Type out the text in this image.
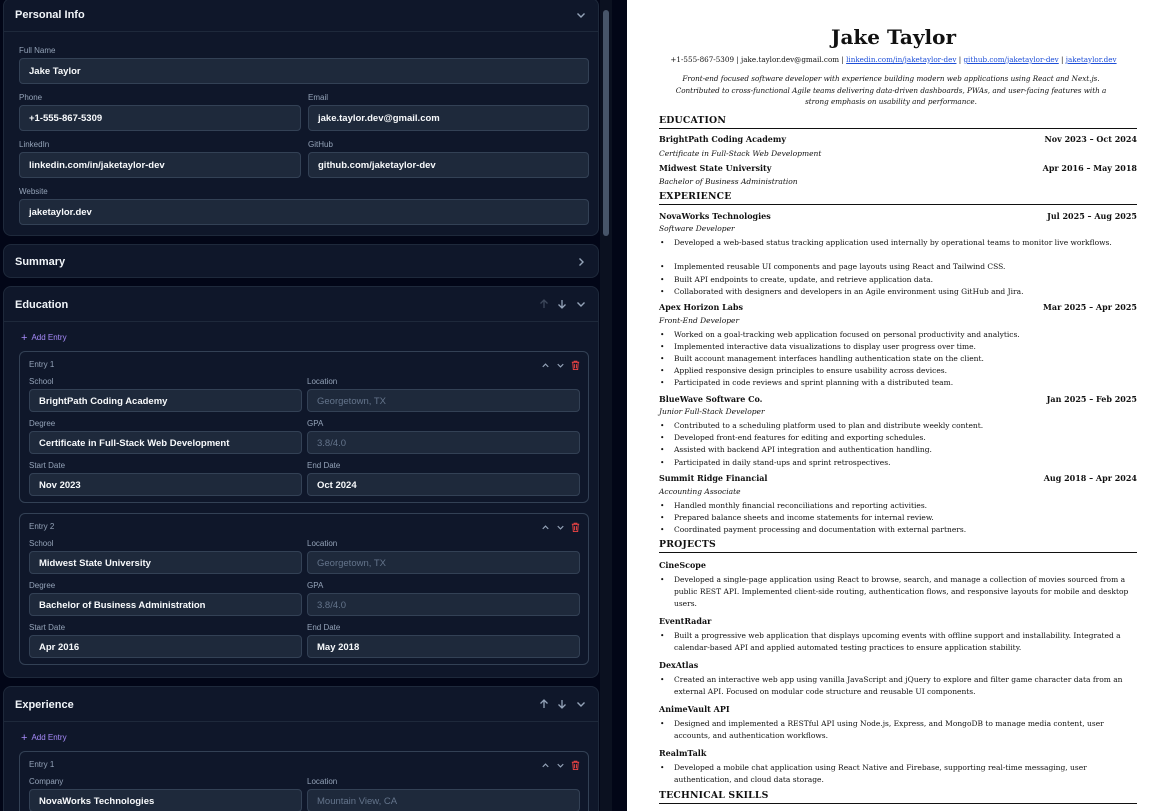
Personal Info
Full Name
Jake Taylor
Phone
+1-555-867-5309
Email
jake.taylor.dev@gmail.com
LinkedIn
linkedin.com/in/jaketaylor-dev
GitHub
github.com/jaketaylor-dev
Website
jaketaylor.dev
Summary
Education
+ Add Entry
Entry 1
School
BrightPath Coding Academy
Location
Georgetown, TX
Degree
Certificate in Full-Stack Web Development
GPA
3.8/4.0
Start Date
Nov 2023
End Date
Oct 2024
Entry 2
School
Midwest State University
Location
Georgetown, TX
Degree
Bachelor of Business Administration
GPA
3.8/4.0
Start Date
Apr 2016
End Date
May 2018
Experience
+ Add Entry
Entry 1
Company
NovaWorks Technologies
Location
Mountain View, CA
Jake Taylor
+1-555-867-5309 | jake.taylor.dev@gmail.com | linkedin.com/in/jaketaylor-dev | github.com/jaketaylor-dev | jaketaylor.dev
Front-end focused software developer with experience building modern web applications using React and Next.js. Contributed to cross-functional Agile teams delivering data-driven dashboards, PWAs, and user-facing features with a strong emphasis on usability and performance.
EDUCATION
BrightPath Coding Academy	Nov 2023 – Oct 2024
Certificate in Full-Stack Web Development
Midwest State University	Apr 2016 – May 2018
Bachelor of Business Administration
EXPERIENCE
NovaWorks Technologies	Jul 2025 – Aug 2025
Software Developer
• Developed a web-based status tracking application used internally by operational teams to monitor live workflows.
• Implemented reusable UI components and page layouts using React and Tailwind CSS.
• Built API endpoints to create, update, and retrieve application data.
• Collaborated with designers and developers in an Agile environment using GitHub and Jira.
Apex Horizon Labs	Mar 2025 – Apr 2025
Front-End Developer
• Worked on a goal-tracking web application focused on personal productivity and analytics.
• Implemented interactive data visualizations to display user progress over time.
• Built account management interfaces handling authentication state on the client.
• Applied responsive design principles to ensure usability across devices.
• Participated in code reviews and sprint planning with a distributed team.
BlueWave Software Co.	Jan 2025 – Feb 2025
Junior Full-Stack Developer
• Contributed to a scheduling platform used to plan and distribute weekly content.
• Developed front-end features for editing and exporting schedules.
• Assisted with backend API integration and authentication handling.
• Participated in daily stand-ups and sprint retrospectives.
Summit Ridge Financial	Aug 2018 – Apr 2024
Accounting Associate
• Handled monthly financial reconciliations and reporting activities.
• Prepared balance sheets and income statements for internal review.
• Coordinated payment processing and documentation with external partners.
PROJECTS
CineScope
• Developed a single-page application using React to browse, search, and manage a collection of movies sourced from a public REST API. Implemented client-side routing, authentication flows, and responsive layouts for mobile and desktop users.
EventRadar
• Built a progressive web application that displays upcoming events with offline support and installability. Integrated a calendar-based API and applied automated testing practices to ensure application stability.
DexAtlas
• Created an interactive web app using vanilla JavaScript and jQuery to explore and filter game character data from an external API. Focused on modular code structure and reusable UI components.
AnimeVault API
• Designed and implemented a RESTful API using Node.js, Express, and MongoDB to manage media content, user accounts, and authentication workflows.
RealmTalk
• Developed a mobile chat application using React Native and Firebase, supporting real-time messaging, user authentication, and cloud data storage.
TECHNICAL SKILLS
